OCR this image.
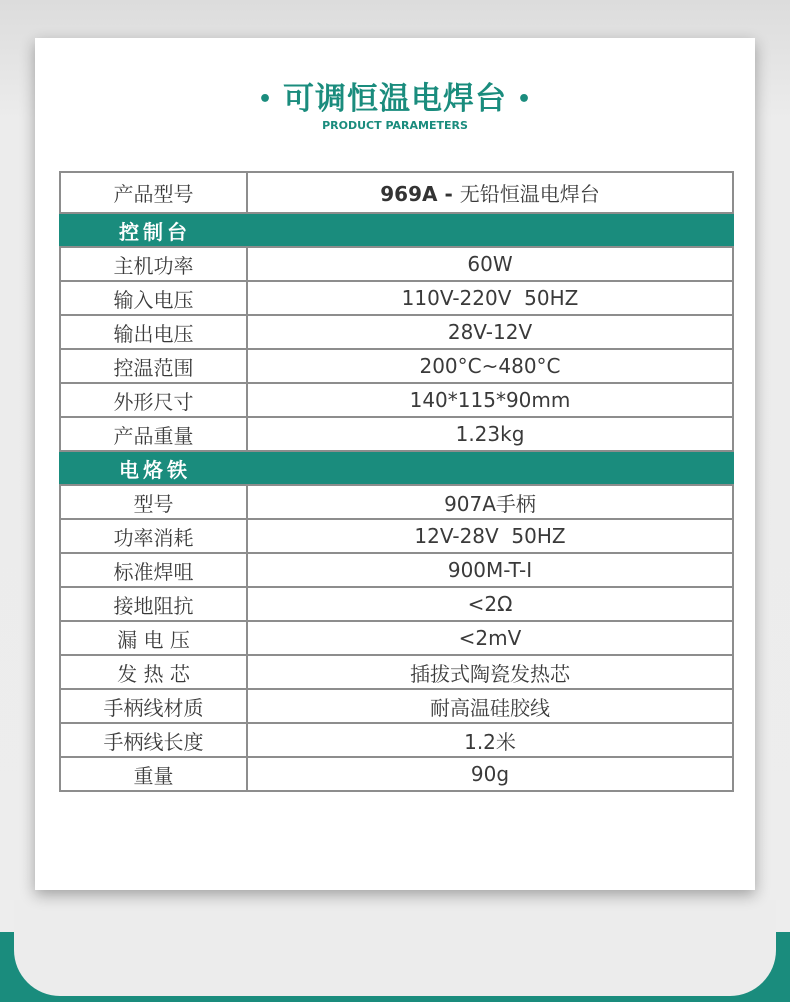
• 可调恒温电焊台 •
PRODUCT PARAMETERS
产品型号	969A - 无铅恒温电焊台
控制台	
主机功率	60W
输入电压	110V-220V  50HZ
输出电压	28V-12V
控温范围	200°C~480°C
外形尺寸	140*115*90mm
产品重量	1.23kg
电烙铁	
型号	907A手柄
功率消耗	12V-28V  50HZ
标准焊咀	900M-T-I
接地阻抗	<2Ω
漏 电 压	<2mV
发 热 芯	插拔式陶瓷发热芯
手柄线材质	耐高温硅胶线
手柄线长度	1.2米
重量	90g
